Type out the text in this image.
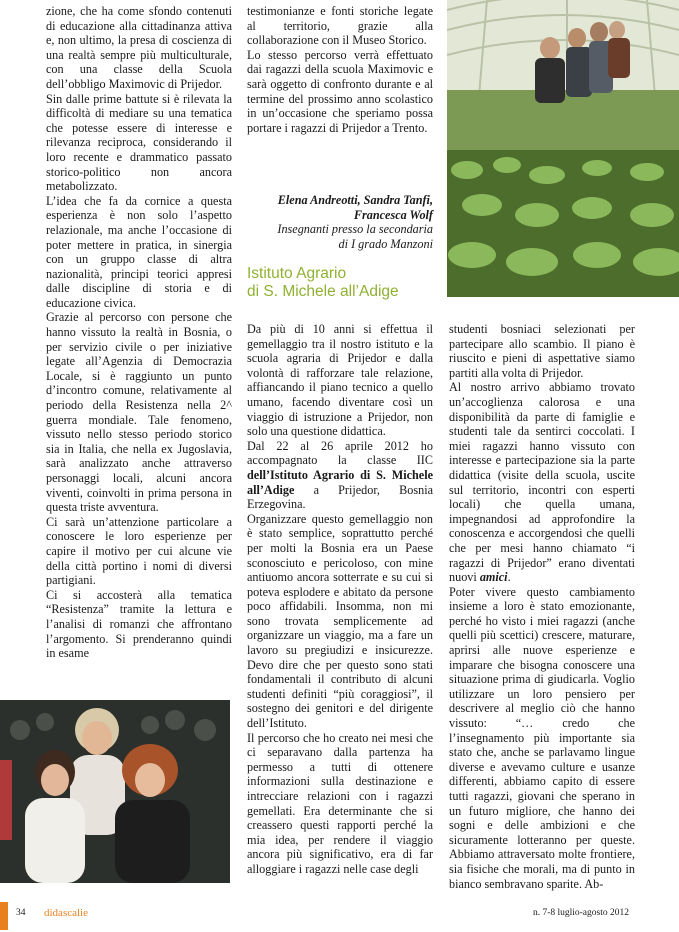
zione, che ha come sfondo contenuti di educazione alla cittadinanza attiva e, non ultimo, la presa di coscienza di una realtà sempre più multiculturale, con una classe della Scuola dell’obbligo Maximovic di Prijedor.

Sin dalle prime battute si è rilevata la difficoltà di mediare su una tematica che potesse essere di interesse e rilevanza reciproca, considerando il loro recente e drammatico passato storico-politico non ancora metabolizzato.

L’idea che fa da cornice a questa esperienza è non solo l’aspetto relazionale, ma anche l’occasione di poter mettere in pratica, in sinergia con un gruppo classe di altra nazionalità, principi teorici appresi dalle discipline di storia e di educazione civica.

Grazie al percorso con persone che hanno vissuto la realtà in Bosnia, o per servizio civile o per iniziative legate all’Agenzia di Democrazia Locale, si è raggiunto un punto d’incontro comune, relativamente al periodo della Resistenza nella 2^ guerra mondiale. Tale fenomeno, vissuto nello stesso periodo storico sia in Italia, che nella ex Jugoslavia, sarà analizzato anche attraverso personaggi locali, alcuni ancora viventi, coinvolti in prima persona in questa triste avventura.

Ci sarà un’attenzione particolare a conoscere le loro esperienze per capire il motivo per cui alcune vie della città portino i nomi di diversi partigiani.

Ci si accosterà alla tematica “Resistenza” tramite la lettura e l’analisi di romanzi che affrontano l’argomento. Si prenderanno quindi in esame

testimonianze e fonti storiche legate al territorio, grazie alla collaborazione con il Museo Storico.

Lo stesso percorso verrà effettuato dai ragazzi della scuola Maximovic e sarà oggetto di confronto durante e al termine del prossimo anno scolastico in un’occasione che speriamo possa portare i ragazzi di Prijedor a Trento.

Elena Andreotti, Sandra Tanfi,
Francesca Wolf
Insegnanti presso la secondaria
di I grado Manzoni
Istituto Agrario
di S. Michele all’Adige

Da più di 10 anni si effettua il gemellaggio tra il nostro istituto e la scuola agraria di Prijedor e dalla volontà di rafforzare tale relazione, affiancando il piano tecnico a quello umano, facendo diventare così un viaggio di istruzione a Prijedor, non solo una questione didattica.

Dal 22 al 26 aprile 2012 ho accompagnato la classe IIC dell’Istituto Agrario di S. Michele all’Adige a Prijedor, Bosnia Erzegovina.

Organizzare questo gemellaggio non è stato semplice, soprattutto perché per molti la Bosnia era un Paese sconosciuto e pericoloso, con mine antiuomo ancora sotterrate e su cui si poteva esplodere e abitato da persone poco affidabili. Insomma, non mi sono trovata semplicemente ad organizzare un viaggio, ma a fare un lavoro su pregiudizi e insicurezze. Devo dire che per questo sono stati fondamentali il contributo di alcuni studenti definiti “più coraggiosi”, il sostegno dei genitori e del dirigente dell’Istituto.

Il percorso che ho creato nei mesi che ci separavano dalla partenza ha permesso a tutti di ottenere informazioni sulla destinazione e intrecciare relazioni con i ragazzi gemellati. Era determinante che si creassero questi rapporti perché la mia idea, per rendere il viaggio ancora più significativo, era di far alloggiare i ragazzi nelle case degli

studenti bosniaci selezionati per partecipare allo scambio. Il piano è riuscito e pieni di aspettative siamo partiti alla volta di Prijedor.

Al nostro arrivo abbiamo trovato un’accoglienza calorosa e una disponibilità da parte di famiglie e studenti tale da sentirci coccolati. I miei ragazzi hanno vissuto con interesse e partecipazione sia la parte didattica (visite della scuola, uscite sul territorio, incontri con esperti locali) che quella umana, impegnandosi ad approfondire la conoscenza e accorgendosi che quelli che per mesi hanno chiamato “i ragazzi di Prijedor” erano diventati nuovi amici.

Poter vivere questo cambiamento insieme a loro è stato emozionante, perché ho visto i miei ragazzi (anche quelli più scettici) crescere, maturare, aprirsi alle nuove esperienze e imparare che bisogna conoscere una situazione prima di giudicarla. Voglio utilizzare un loro pensiero per descrivere al meglio ciò che hanno vissuto: “… credo che l’insegnamento più importante sia stato che, anche se parlavamo lingue diverse e avevamo culture e usanze differenti, abbiamo capito di essere tutti ragazzi, giovani che sperano in un futuro migliore, che hanno dei sogni e delle ambizioni e che sicuramente lotteranno per queste. Abbiamo attraversato molte frontiere, sia fisiche che morali, ma di punto in bianco sembravano sparite. Ab-

34 didascalie	n. 7-8 luglio-agosto 2012
